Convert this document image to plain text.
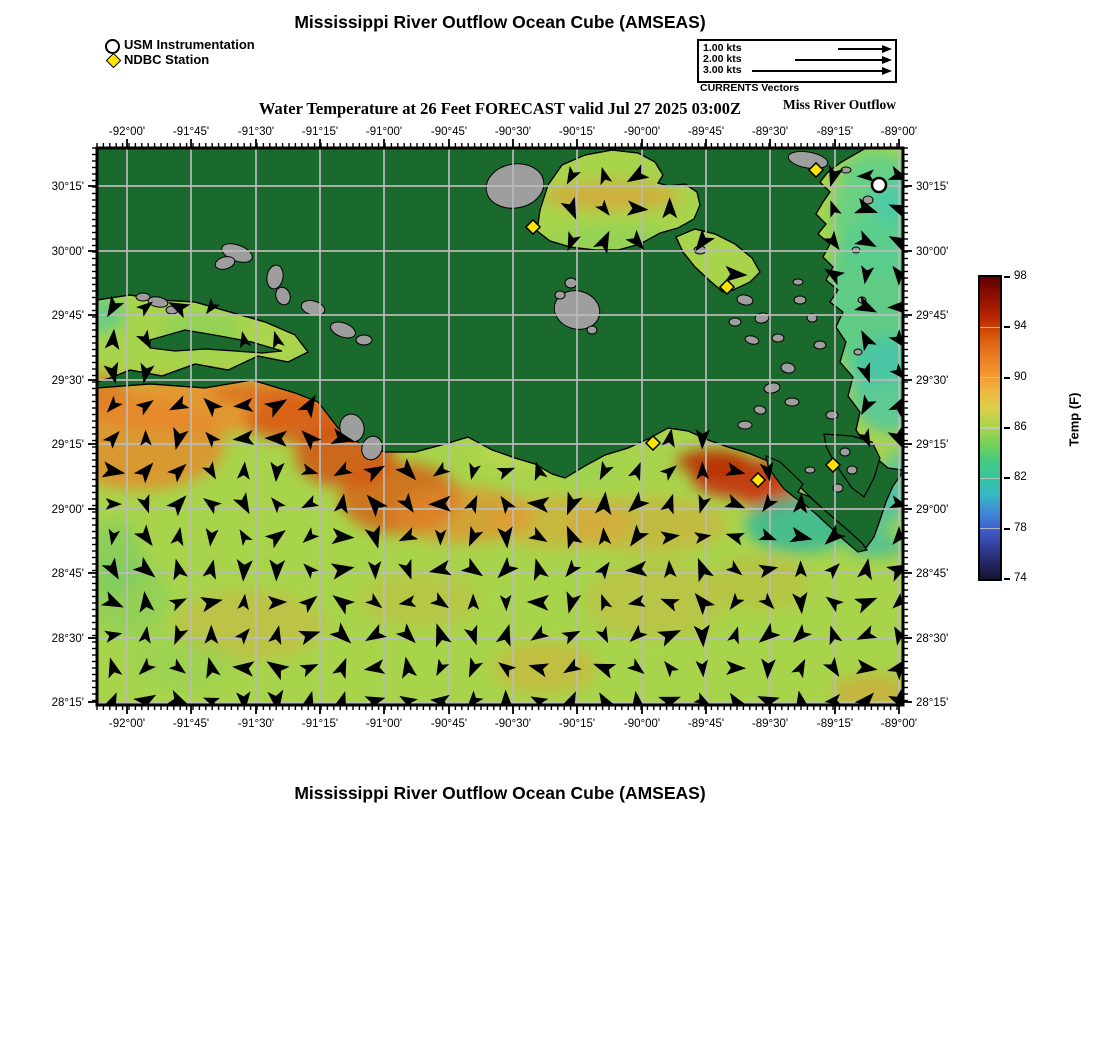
Mississippi River Outflow Ocean Cube (AMSEAS)
USM Instrumentation
NDBC Station
1.00 kts
2.00 kts
3.00 kts
CURRENTS Vectors
Water Temperature at 26 Feet FORECAST valid Jul 27 2025 03:00Z	Miss River Outflow
-92°00'
-92°00'
-91°45'
-91°45'
-91°30'
-91°30'
-91°15'
-91°15'
-91°00'
-91°00'
-90°45'
-90°45'
-90°30'
-90°30'
-90°15'
-90°15'
-90°00'
-90°00'
-89°45'
-89°45'
-89°30'
-89°30'
-89°15'
-89°15'
-89°00'
-89°00'
30°15'	30°15'
30°00'	30°00'
29°45'	29°45'
29°30'	29°30'
29°15'	29°15'
29°00'	29°00'
28°45'	28°45'
28°30'	28°30'
28°15'	28°15'
98
94
90
86
82
78
74
Temp (F)
Mississippi River Outflow Ocean Cube (AMSEAS)
